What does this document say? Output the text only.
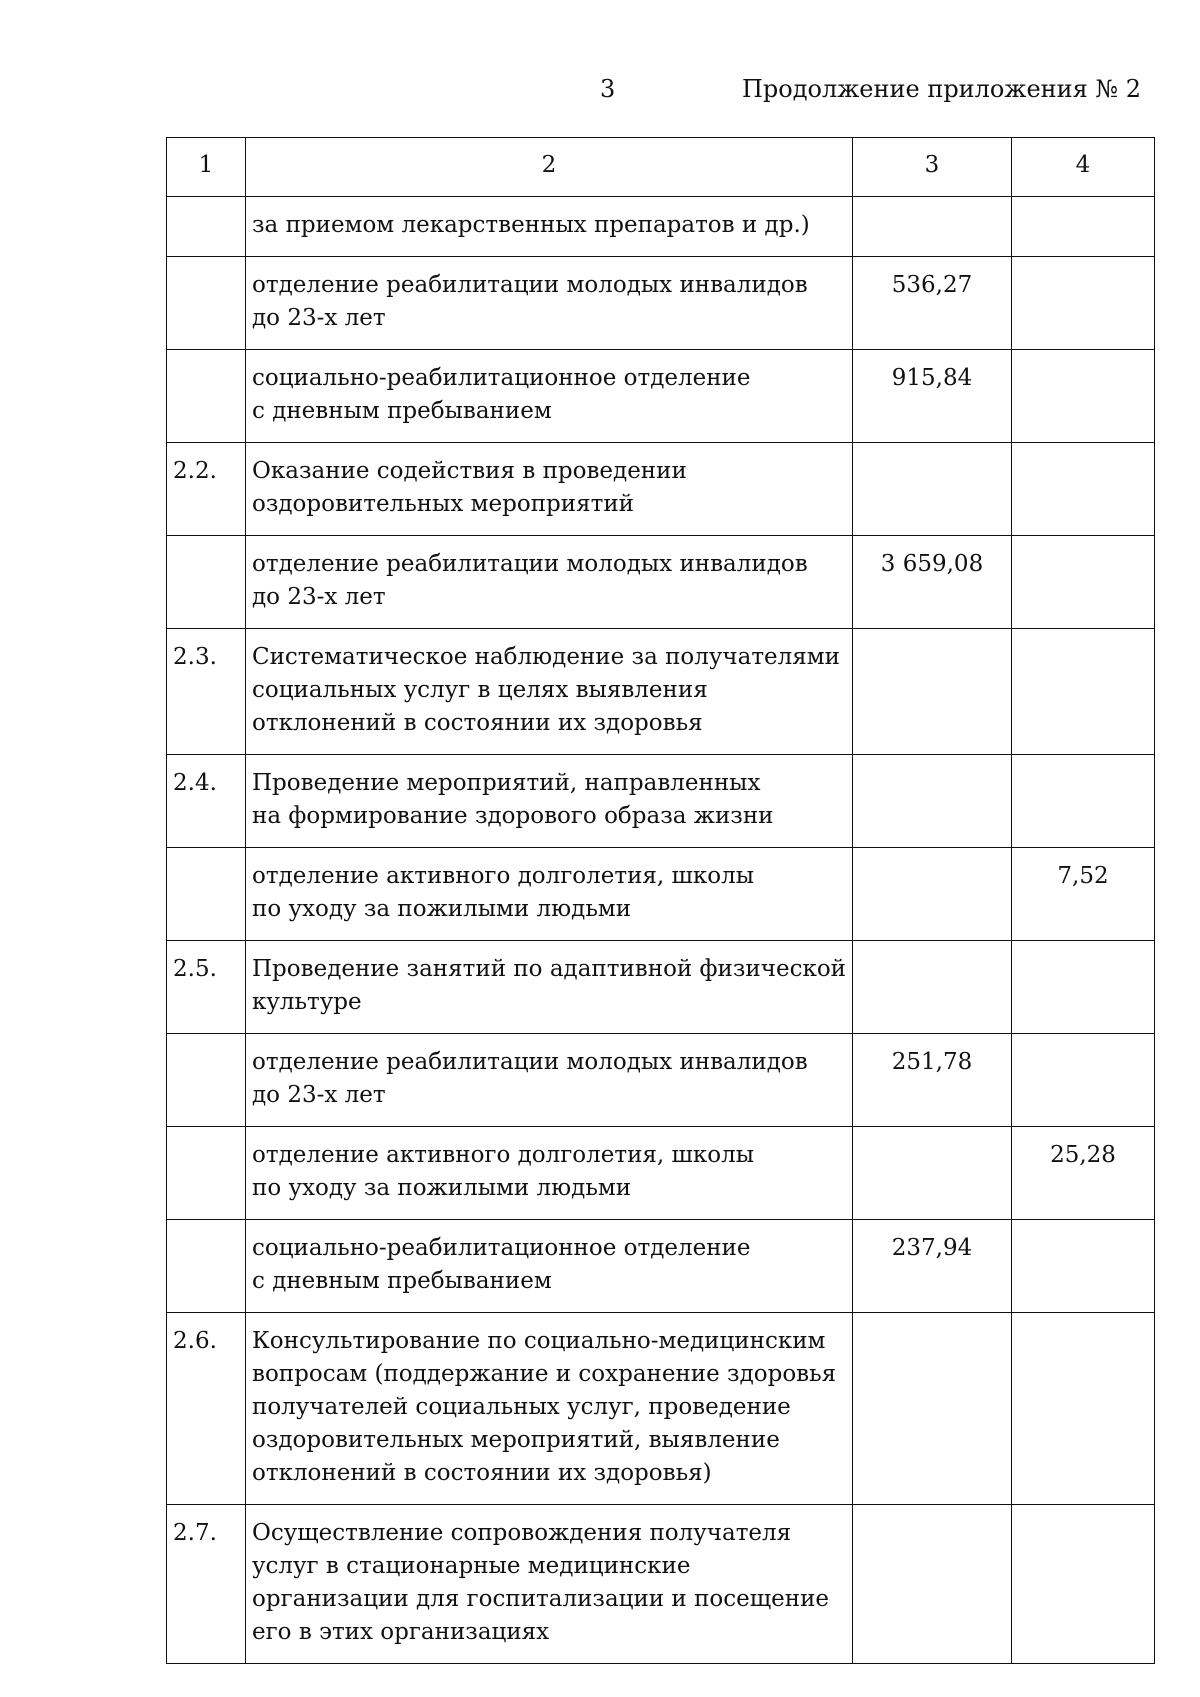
3	Продолжение приложения № 2
1	2	3	4

	за приемом лекарственных препаратов и др.)		

	отделение реабилитации молодых инвалидов
до 23-х лет	536,27	

	социально-реабилитационное отделение
с дневным пребыванием	915,84	
2.2.	Оказание содействия в проведении
оздоровительных мероприятий		

	отделение реабилитации молодых инвалидов
до 23-х лет	3 659,08	
2.3.	Систематическое наблюдение за получателями
социальных услуг в целях выявления
отклонений в состоянии их здоровья		

2.4.	Проведение мероприятий, направленных
на формирование здорового образа жизни		

	отделение активного долголетия, школы
по уходу за пожилыми людьми		7,52
2.5.	Проведение занятий по адаптивной физической
культуре		

	отделение реабилитации молодых инвалидов
до 23-х лет	251,78	

	отделение активного долголетия, школы
по уходу за пожилыми людьми		25,28

	социально-реабилитационное отделение
с дневным пребыванием	237,94	
2.6.	Консультирование по социально-медицинским
вопросам (поддержание и сохранение здоровья
получателей социальных услуг, проведение
оздоровительных мероприятий, выявление
отклонений в состоянии их здоровья)		

2.7.	Осуществление сопровождения получателя
услуг в стационарные медицинские
организации для госпитализации и посещение
его в этих организациях		
